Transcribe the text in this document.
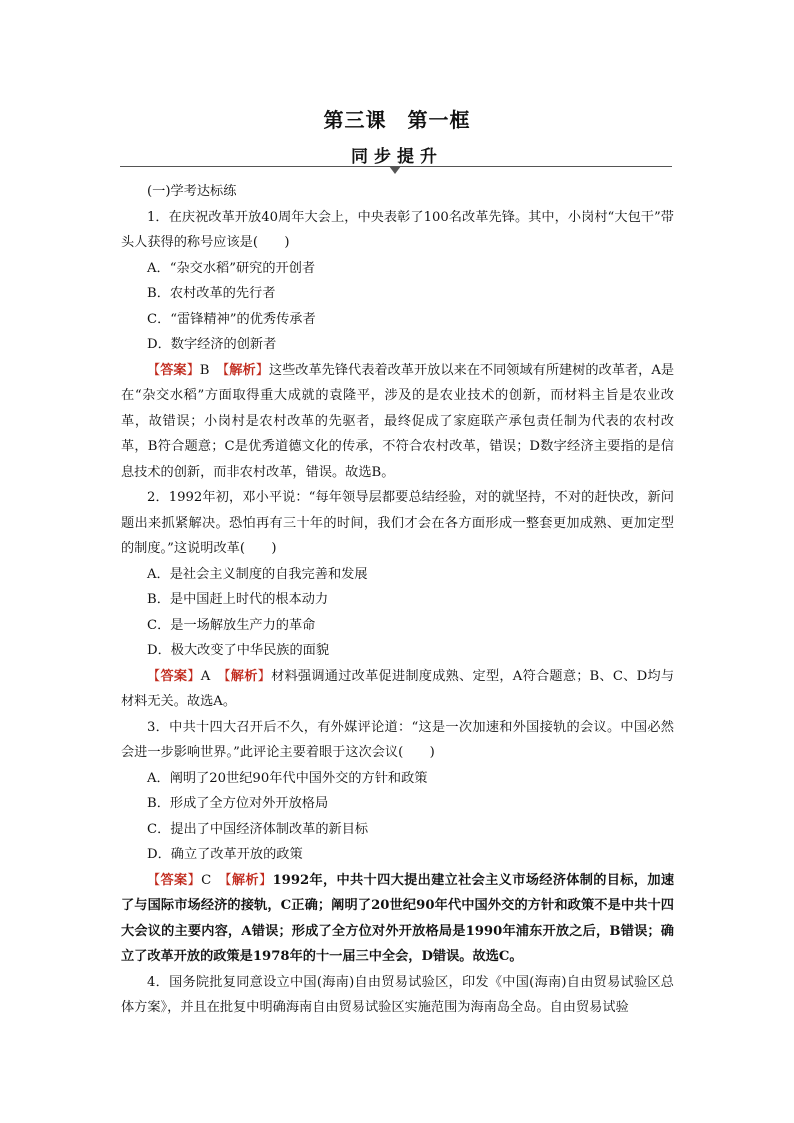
第三课　第一框
同步提升

(一)学考达标练

1．在庆祝改革开放40周年大会上，中央表彰了100名改革先锋。其中，小岗村“大包干”带头人获得的称号应该是(　　)

A．“杂交水稻”研究的开创者

B．农村改革的先行者

C．“雷锋精神”的优秀传承者

D．数字经济的创新者

【答案】B　 【解析】这些改革先锋代表着改革开放以来在不同领域有所建树的改革者，A是在“杂交水稻”方面取得重大成就的袁隆平，涉及的是农业技术的创新，而材料主旨是农业改革，故错误；小岗村是农村改革的先驱者，最终促成了家庭联产承包责任制为代表的农村改革，B符合题意；C是优秀道德文化的传承，不符合农村改革，错误；D数字经济主要指的是信息技术的创新，而非农村改革，错误。故选B。

2．1992年初，邓小平说：“每年领导层都要总结经验，对的就坚持，不对的赶快改，新问题出来抓紧解决。恐怕再有三十年的时间，我们才会在各方面形成一整套更加成熟、更加定型的制度。”这说明改革(　　)

A．是社会主义制度的自我完善和发展

B．是中国赶上时代的根本动力

C．是一场解放生产力的革命

D．极大改变了中华民族的面貌

【答案】A　 【解析】材料强调通过改革促进制度成熟、定型，A符合题意；B、C、D均与材料无关。故选A。

3．中共十四大召开后不久，有外媒评论道：“这是一次加速和外国接轨的会议。中国必然会进一步影响世界。”此评论主要着眼于这次会议(　　)

A．阐明了20世纪90年代中国外交的方针和政策

B．形成了全方位对外开放格局

C．提出了中国经济体制改革的新目标

D．确立了改革开放的政策

【答案】C　 【解析】1992年，中共十四大提出建立社会主义市场经济体制的目标，加速了与国际市场经济的接轨，C正确；阐明了20世纪90年代中国外交的方针和政策不是中共十四大会议的主要内容，A错误；形成了全方位对外开放格局是1990年浦东开放之后，B错误；确立了改革开放的政策是1978年的十一届三中全会，D错误。故选C。

4．国务院批复同意设立中国(海南)自由贸易试验区，印发《中国(海南)自由贸易试验区总体方案》，并且在批复中明确海南自由贸易试验区实施范围为海南岛全岛。自由贸易试验
